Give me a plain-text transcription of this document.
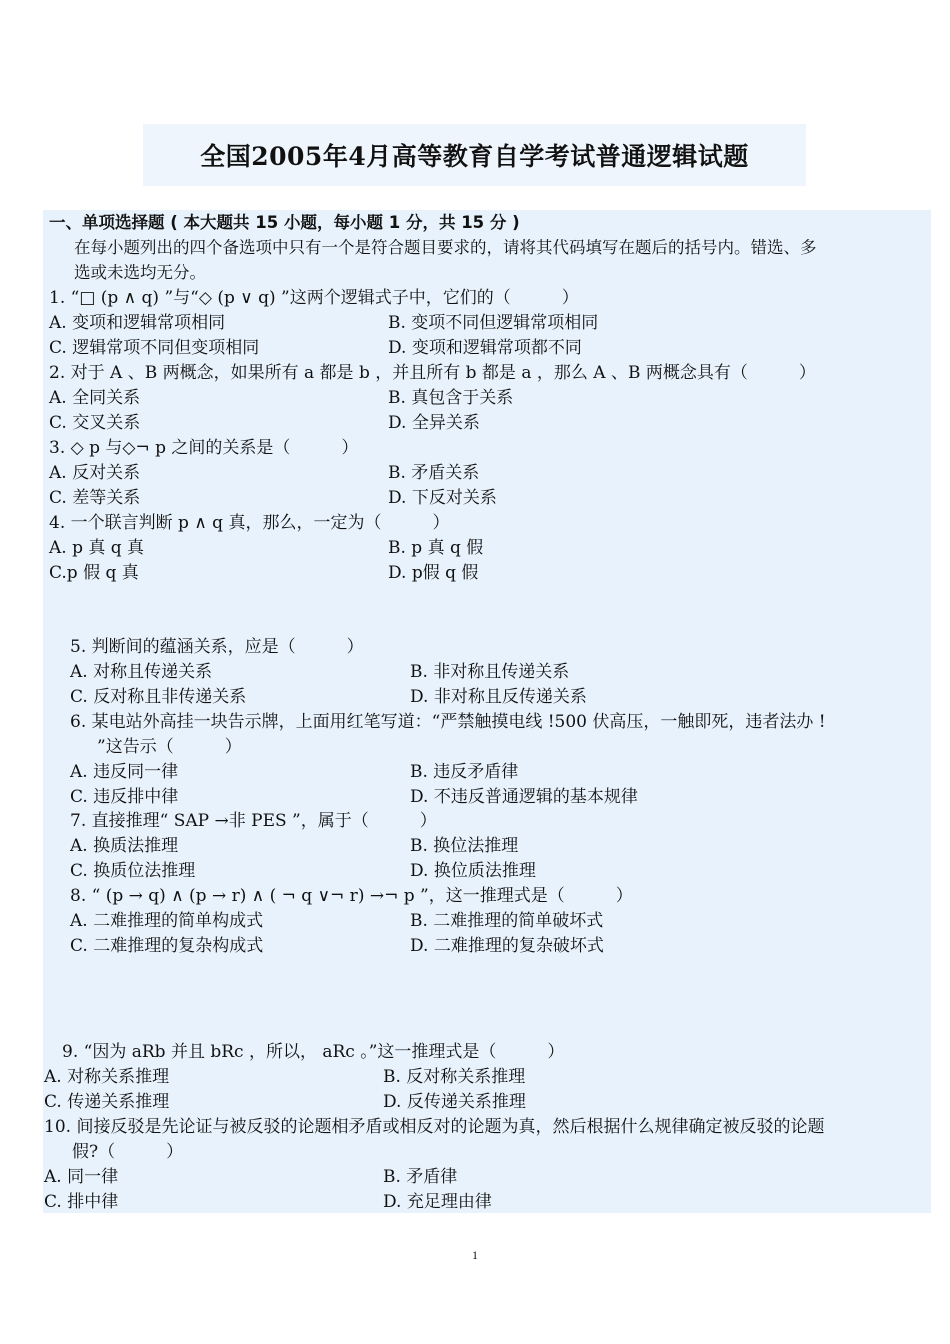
全国2005年4月高等教育自学考试普通逻辑试题
一、单项选择题 ( 本大题共 15 小题，每小题 1 分，共 15 分 )
在每小题列出的四个备选项中只有一个是符合题目要求的，请将其代码填写在题后的括号内。错选、多
选或未选均无分。
1. “□ (p ∧ q) ”与“◇ (p ∨ q) ”这两个逻辑式子中，它们的（　　　）
A. 变项和逻辑常项相同	B. 变项不同但逻辑常项相同
C. 逻辑常项不同但变项相同	D. 变项和逻辑常项都不同
2. 对于 A 、B 两概念，如果所有 a 都是 b ，并且所有 b 都是 a ，那么 A 、B 两概念具有（　　　）
A. 全同关系	B. 真包含于关系
C. 交叉关系	D. 全异关系
3. ◇ p 与◇¬ p 之间的关系是（　　　）
A. 反对关系	B. 矛盾关系
C. 差等关系	D. 下反对关系
4. 一个联言判断 p ∧ q 真，那么，一定为（　　　）
A. p 真 q 真	B. p 真 q 假
C.p 假 q 真	D. p假 q 假
5. 判断间的蕴涵关系，应是（　　　）
A. 对称且传递关系	B. 非对称且传递关系
C. 反对称且非传递关系	D. 非对称且反传递关系
6. 某电站外高挂一块告示牌，上面用红笔写道：“严禁触摸电线 !500 伏高压，一触即死，违者法办 !
”这告示（　　　）
A. 违反同一律	B. 违反矛盾律
C. 违反排中律	D. 不违反普通逻辑的基本规律
7. 直接推理“ SAP →非 PES ”，属于（　　　）
A. 换质法推理	B. 换位法推理
C. 换质位法推理	D. 换位质法推理
8. “ (p → q) ∧ (p → r) ∧ ( ¬ q ∨¬ r) →¬ p ”，这一推理式是（　　　）
A. 二难推理的简单构成式	B. 二难推理的简单破坏式
C. 二难推理的复杂构成式	D. 二难推理的复杂破坏式
9. “因为 aRb 并且 bRc ，所以， aRc 。”这一推理式是（　　　）
A. 对称关系推理	B. 反对称关系推理
C. 传递关系推理	D. 反传递关系推理
10. 间接反驳是先论证与被反驳的论题相矛盾或相反对的论题为真，然后根据什么规律确定被反驳的论题
假?（　　　）
A. 同一律	B. 矛盾律
C. 排中律	D. 充足理由律
1
